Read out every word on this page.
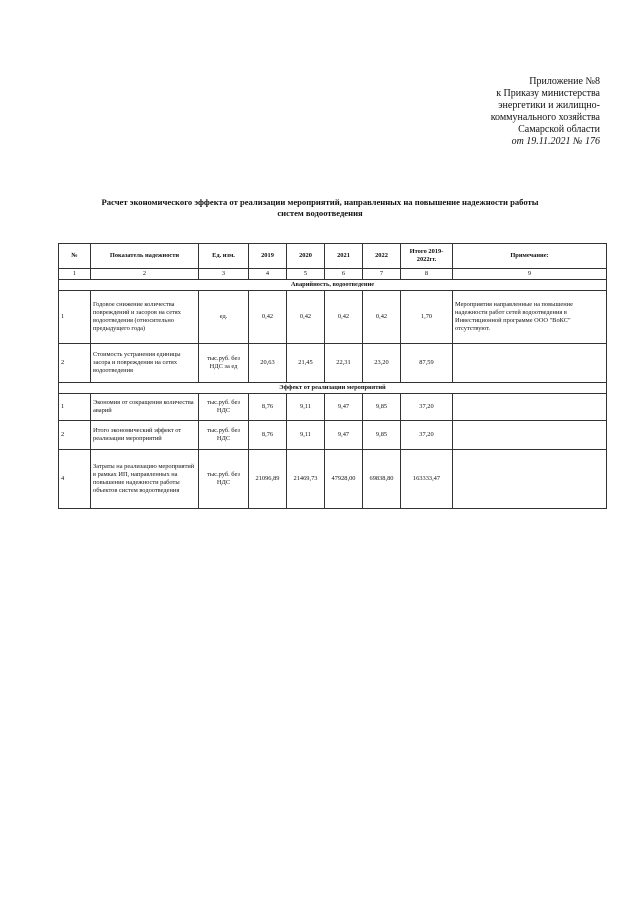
Приложение №8
к Приказу министерства
энергетики и жилищно-
коммунального хозяйства
Самарской области
от 19.11.2021 № 176
Расчет экономического эффекта от реализации мероприятий, направленных на повышение надежности работы
систем водоотведения
№	Показатель надежности	Ед. изм.	2019	2020	2021	2022	Итого 2019-2022гг.	Примечание:
1	2	3	4	5	6	7	8	9
Аварийность, водоотведение								
1	Годовое снижение количества повреждений и засоров на сетях водоотведения (относительно предыдущего года)	ед.	0,42	0,42	0,42	0,42	1,70	Мероприятия направленные на повышение надежности работ сетей водоотведения в Инвестиционной программе ООО "ВоКС" отсутствуют.
2	Стоимость устранения единицы засора и повреждения на сетях водоотведения	тыс.руб. без НДС за ед	20,63	21,45	22,31	23,20	87,59	
Эффект от реализации мероприятий								
1	Экономия от сокращения количества аварий	тыс.руб. без НДС	8,76	9,11	9,47	9,85	37,20	
2	Итого экономический эффект от реализации мероприятий	тыс.руб. без НДС	8,76	9,11	9,47	9,85	37,20	
4	Затраты на реализацию мероприятий в рамках ИП, направленных на повышение надежности работы объектов систем водоотведения	тыс.руб. без НДС	21096,89	21469,73	47928,00	69838,80	163333,47	
